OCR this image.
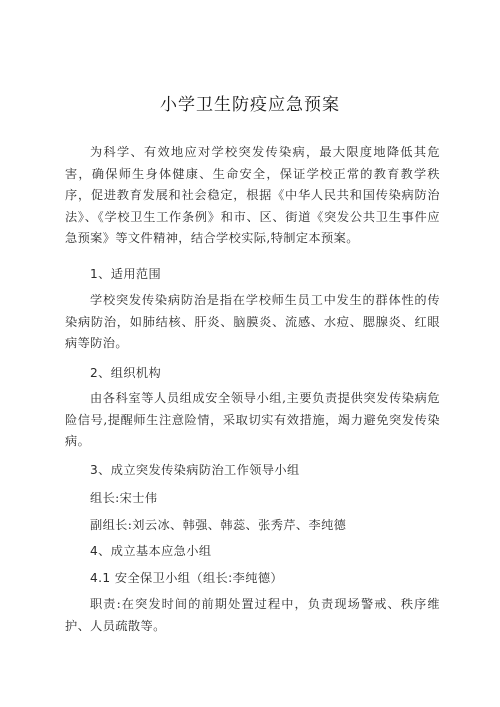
小学卫生防疫应急预案

为科学、有效地应对学校突发传染病，最大限度地降低其危害，确保师生身体健康、生命安全，保证学校正常的教育教学秩序，促进教育发展和社会稳定，根据《中华人民共和国传染病防治法》、《学校卫生工作条例》和市、区、街道《突发公共卫生事件应急预案》等文件精神，结合学校实际,特制定本预案。

1、适用范围

学校突发传染病防治是指在学校师生员工中发生的群体性的传染病防治，如肺结核、肝炎、脑膜炎、流感、水痘、腮腺炎、红眼病等防治。

2、组织机构

由各科室等人员组成安全领导小组,主要负责提供突发传染病危险信号,提醒师生注意险情，采取切实有效措施，竭力避免突发传染病。

3、成立突发传染病防治工作领导小组

组长:宋士伟

副组长:刘云冰、韩强、韩蕊、张秀芹、李纯德

4、成立基本应急小组

4.1 安全保卫小组（组长:李纯德）

职责:在突发时间的前期处置过程中，负责现场警戒、秩序维护、人员疏散等。
